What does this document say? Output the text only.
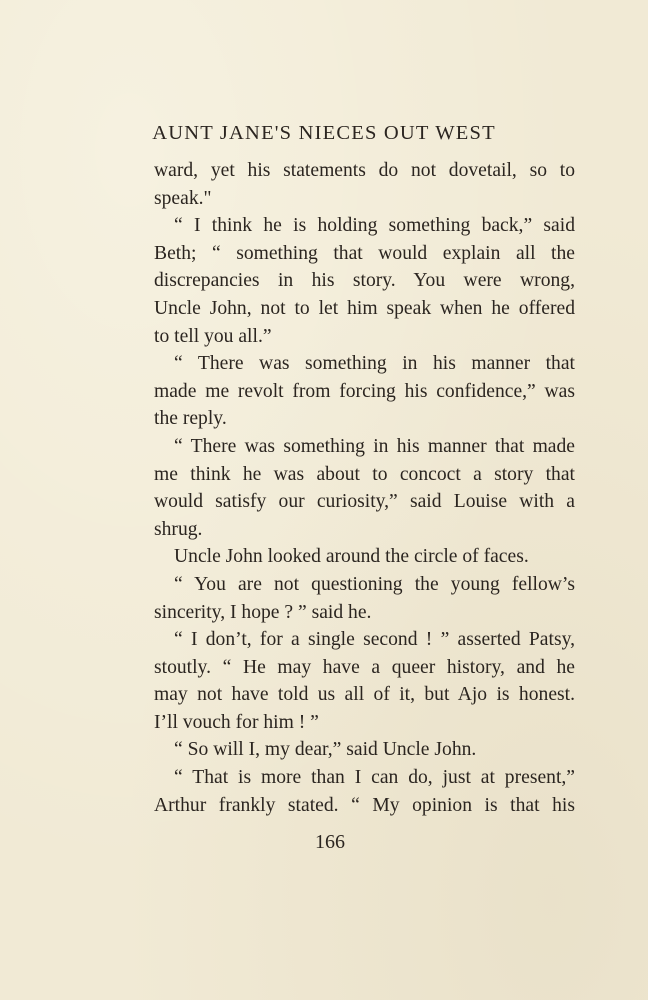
AUNT JANE'S NIECES OUT WEST
ward, yet his statements do not dovetail, so to
speak."
“ I think he is holding something back,” said
Beth; “ something that would explain all the
discrepancies in his story. You were wrong,
Uncle John, not to let him speak when he offered
to tell you all.”
“ There was something in his manner that
made me revolt from forcing his confidence,” was
the reply.
“ There was something in his manner that made
me think he was about to concoct a story that
would satisfy our curiosity,” said Louise with a
shrug.
Uncle John looked around the circle of faces.
“ You are not questioning the young fellow’s
sincerity, I hope ? ” said he.
“ I don’t, for a single second ! ” asserted Patsy,
stoutly. “ He may have a queer history, and he
may not have told us all of it, but Ajo is honest.
I’ll vouch for him ! ”
“ So will I, my dear,” said Uncle John.
“ That is more than I can do, just at present,”
Arthur frankly stated. “ My opinion is that his
166
